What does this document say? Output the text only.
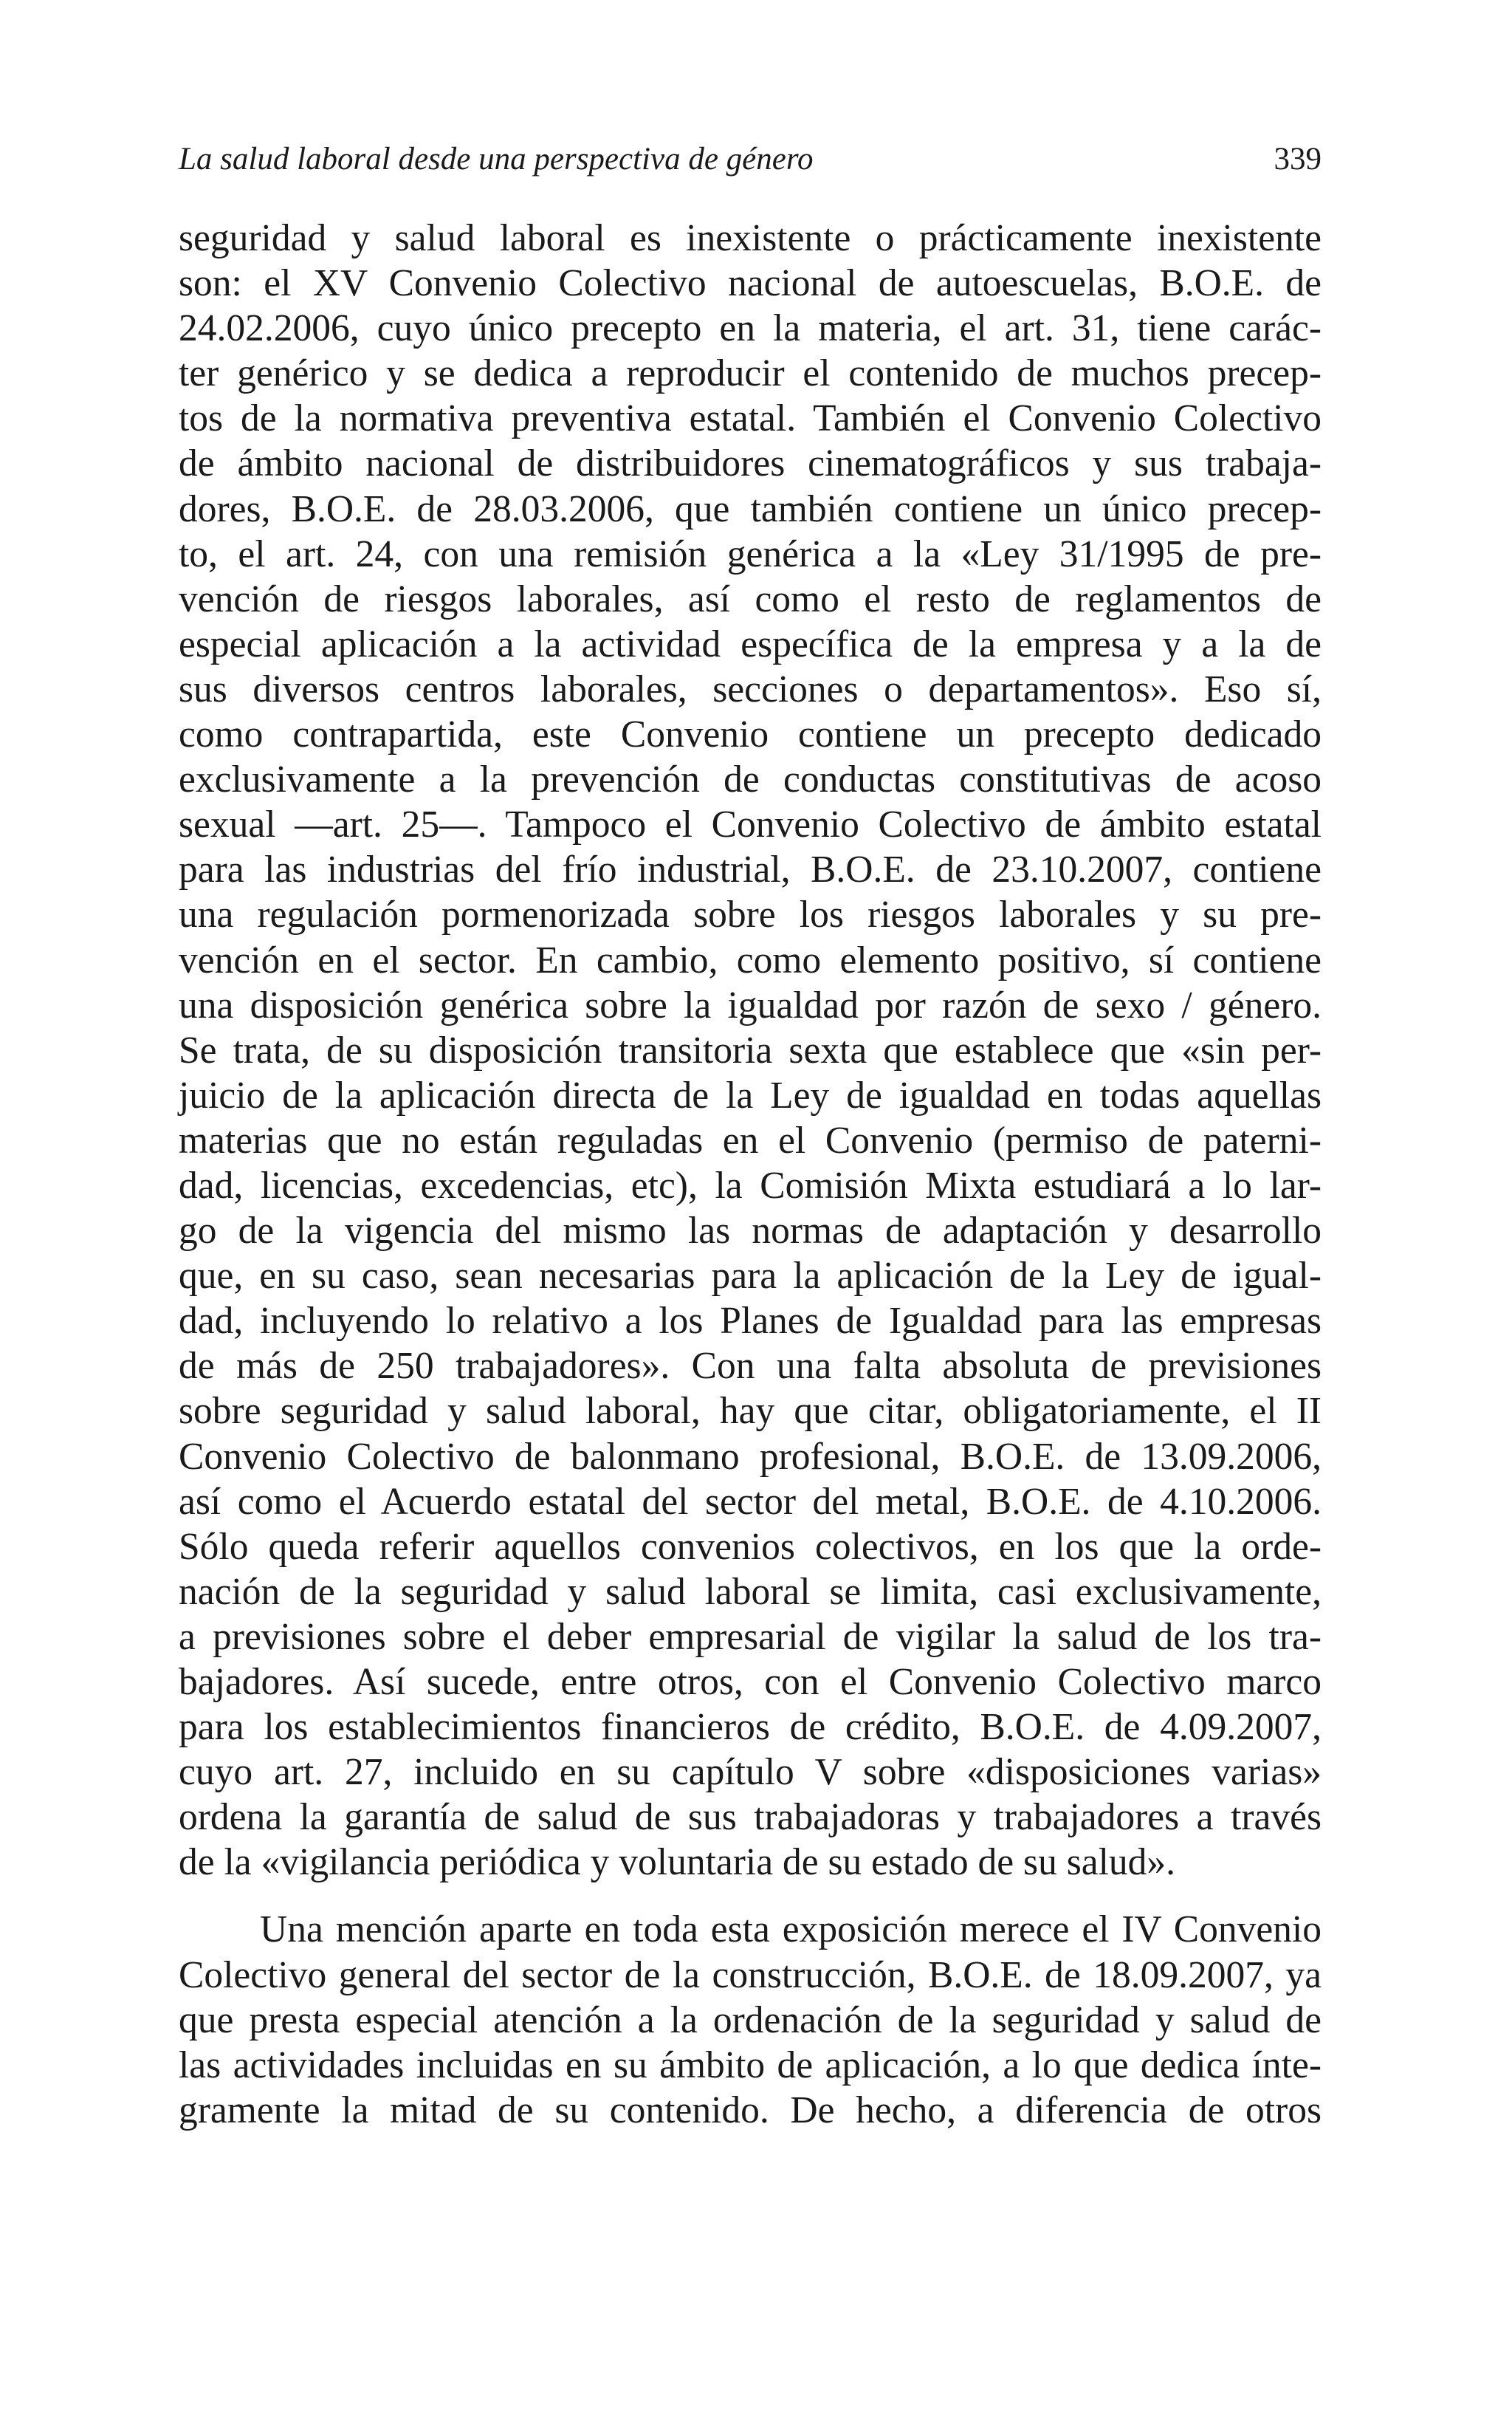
La salud laboral desde una perspectiva de género	339
seguridad y salud laboral es inexistente o prácticamente inexistente
son: el XV Convenio Colectivo nacional de autoescuelas, B.O.E. de
24.02.2006, cuyo único precepto en la materia, el art. 31, tiene carác-
ter genérico y se dedica a reproducir el contenido de muchos precep-
tos de la normativa preventiva estatal. También el Convenio Colectivo
de ámbito nacional de distribuidores cinematográficos y sus trabaja-
dores, B.O.E. de 28.03.2006, que también contiene un único precep-
to, el art. 24, con una remisión genérica a la «Ley 31/1995 de pre-
vención de riesgos laborales, así como el resto de reglamentos de
especial aplicación a la actividad específica de la empresa y a la de
sus diversos centros laborales, secciones o departamentos». Eso sí,
como contrapartida, este Convenio contiene un precepto dedicado
exclusivamente a la prevención de conductas constitutivas de acoso
sexual —art. 25—. Tampoco el Convenio Colectivo de ámbito estatal
para las industrias del frío industrial, B.O.E. de 23.10.2007, contiene
una regulación pormenorizada sobre los riesgos laborales y su pre-
vención en el sector. En cambio, como elemento positivo, sí contiene
una disposición genérica sobre la igualdad por razón de sexo / género.
Se trata, de su disposición transitoria sexta que establece que «sin per-
juicio de la aplicación directa de la Ley de igualdad en todas aquellas
materias que no están reguladas en el Convenio (permiso de paterni-
dad, licencias, excedencias, etc), la Comisión Mixta estudiará a lo lar-
go de la vigencia del mismo las normas de adaptación y desarrollo
que, en su caso, sean necesarias para la aplicación de la Ley de igual-
dad, incluyendo lo relativo a los Planes de Igualdad para las empresas
de más de 250 trabajadores». Con una falta absoluta de previsiones
sobre seguridad y salud laboral, hay que citar, obligatoriamente, el II
Convenio Colectivo de balonmano profesional, B.O.E. de 13.09.2006,
así como el Acuerdo estatal del sector del metal, B.O.E. de 4.10.2006.
Sólo queda referir aquellos convenios colectivos, en los que la orde-
nación de la seguridad y salud laboral se limita, casi exclusivamente,
a previsiones sobre el deber empresarial de vigilar la salud de los tra-
bajadores. Así sucede, entre otros, con el Convenio Colectivo marco
para los establecimientos financieros de crédito, B.O.E. de 4.09.2007,
cuyo art. 27, incluido en su capítulo V sobre «disposiciones varias»
ordena la garantía de salud de sus trabajadoras y trabajadores a través
de la «vigilancia periódica y voluntaria de su estado de su salud».
Una mención aparte en toda esta exposición merece el IV Convenio
Colectivo general del sector de la construcción, B.O.E. de 18.09.2007, ya
que presta especial atención a la ordenación de la seguridad y salud de
las actividades incluidas en su ámbito de aplicación, a lo que dedica ínte-
gramente la mitad de su contenido. De hecho, a diferencia de otros
